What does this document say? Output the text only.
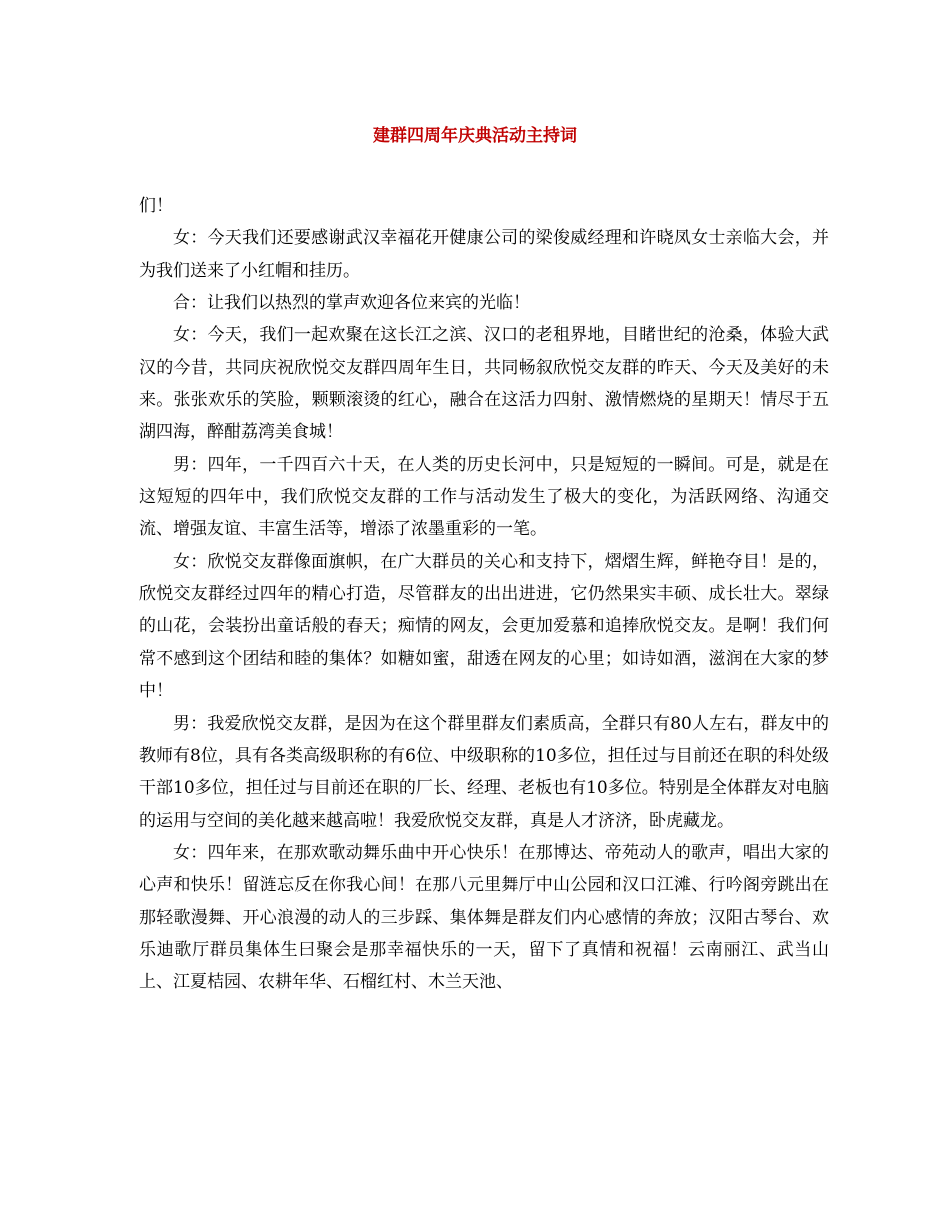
建群四周年庆典活动主持词

们！

女：今天我们还要感谢武汉幸福花开健康公司的梁俊威经理和许晓凤女士亲临大会，并为我们送来了小红帽和挂历。

合：让我们以热烈的掌声欢迎各位来宾的光临！

女：今天，我们一起欢聚在这长江之滨、汉口的老租界地，目睹世纪的沧桑，体验大武汉的今昔，共同庆祝欣悦交友群四周年生日，共同畅叙欣悦交友群的昨天、今天及美好的未来。张张欢乐的笑脸，颗颗滚烫的红心，融合在这活力四射、激情燃烧的星期天！情尽于五湖四海，醉酣荔湾美食城！

男：四年，一千四百六十天，在人类的历史长河中，只是短短的一瞬间。可是，就是在这短短的四年中，我们欣悦交友群的工作与活动发生了极大的变化，为活跃网络、沟通交流、增强友谊、丰富生活等，增添了浓墨重彩的一笔。

女：欣悦交友群像面旗帜，在广大群员的关心和支持下，熠熠生辉，鲜艳夺目！是的，欣悦交友群经过四年的精心打造，尽管群友的出出进进，它仍然果实丰硕、成长壮大。翠绿的山花，会装扮出童话般的春天；痴情的网友，会更加爱慕和追捧欣悦交友。是啊！我们何常不感到这个团结和睦的集体？如糖如蜜，甜透在网友的心里；如诗如酒，滋润在大家的梦中！

男：我爱欣悦交友群，是因为在这个群里群友们素质高，全群只有80人左右，群友中的教师有8位，具有各类高级职称的有6位、中级职称的10多位，担任过与目前还在职的科处级干部10多位，担任过与目前还在职的厂长、经理、老板也有10多位。特别是全体群友对电脑的运用与空间的美化越来越高啦！我爱欣悦交友群，真是人才济济，卧虎藏龙。

女：四年来，在那欢歌动舞乐曲中开心快乐！在那博达、帝苑动人的歌声，唱出大家的心声和快乐！留涟忘反在你我心间！在那八元里舞厅中山公园和汉口江滩、行吟阁旁跳出在那轻歌漫舞、开心浪漫的动人的三步踩、集体舞是群友们内心感情的奔放；汉阳古琴台、欢乐迪歌厅群员集体生曰聚会是那幸福快乐的一天，留下了真情和祝福！云南丽江、武当山上、江夏桔园、农耕年华、石榴红村、木兰天池、
